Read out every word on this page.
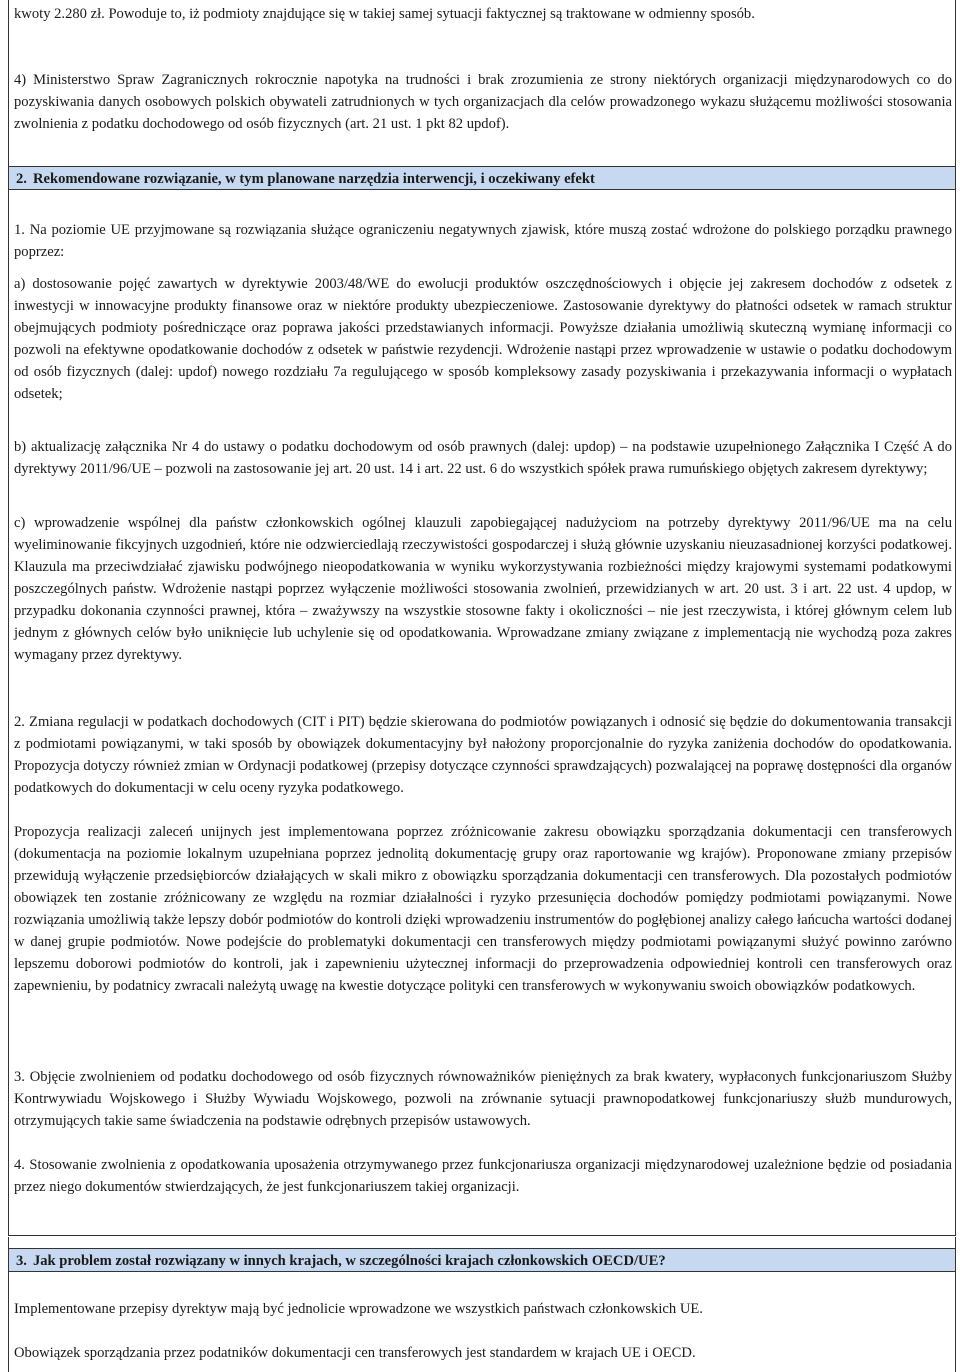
kwoty 2.280 zł. Powoduje to, iż podmioty znajdujące się w takiej samej sytuacji faktycznej są traktowane w odmienny sposób.

4) Ministerstwo Spraw Zagranicznych rokrocznie napotyka na trudności i brak zrozumienia ze strony niektórych organizacji międzynarodowych co do pozyskiwania danych osobowych polskich obywateli zatrudnionych w tych organizacjach dla celów prowadzonego wykazu służącemu możliwości stosowania zwolnienia z podatku dochodowego od osób fizycznych (art. 21 ust. 1 pkt 82 updof).

2. Rekomendowane rozwiązanie, w tym planowane narzędzia interwencji, i oczekiwany efekt

1. Na poziomie UE przyjmowane są rozwiązania służące ograniczeniu negatywnych zjawisk, które muszą zostać wdrożone do polskiego porządku prawnego poprzez:

a) dostosowanie pojęć zawartych w dyrektywie 2003/48/WE do ewolucji produktów oszczędnościowych i objęcie jej zakresem dochodów z odsetek z inwestycji w innowacyjne produkty finansowe oraz w niektóre produkty ubezpieczeniowe. Zastosowanie dyrektywy do płatności odsetek w ramach struktur obejmujących podmioty pośredniczące oraz poprawa jakości przedstawianych informacji. Powyższe działania umożliwią skuteczną wymianę informacji co pozwoli na efektywne opodatkowanie dochodów z odsetek w państwie rezydencji. Wdrożenie nastąpi przez wprowadzenie w ustawie o podatku dochodowym od osób fizycznych (dalej: updof) nowego rozdziału 7a regulującego w sposób kompleksowy zasady pozyskiwania i przekazywania informacji o wypłatach odsetek;

b) aktualizację załącznika Nr 4 do ustawy o podatku dochodowym od osób prawnych (dalej: updop) – na podstawie uzupełnionego Załącznika I Część A do dyrektywy 2011/96/UE – pozwoli na zastosowanie jej art. 20 ust. 14 i art. 22 ust. 6 do wszystkich spółek prawa rumuńskiego objętych zakresem dyrektywy;

c) wprowadzenie wspólnej dla państw członkowskich ogólnej klauzuli zapobiegającej nadużyciom na potrzeby dyrektywy 2011/96/UE ma na celu wyeliminowanie fikcyjnych uzgodnień, które nie odzwierciedlają rzeczywistości gospodarczej i służą głównie uzyskaniu nieuzasadnionej korzyści podatkowej. Klauzula ma przeciwdziałać zjawisku podwójnego nieopodatkowania w wyniku wykorzystywania rozbieżności między krajowymi systemami podatkowymi poszczególnych państw. Wdrożenie nastąpi poprzez wyłączenie możliwości stosowania zwolnień, przewidzianych w art. 20 ust. 3 i art. 22 ust. 4 updop, w przypadku dokonania czynności prawnej, która – zważywszy na wszystkie stosowne fakty i okoliczności – nie jest rzeczywista, i której głównym celem lub jednym z głównych celów było uniknięcie lub uchylenie się od opodatkowania. Wprowadzane zmiany związane z implementacją nie wychodzą poza zakres wymagany przez dyrektywy.

2. Zmiana regulacji w podatkach dochodowych (CIT i PIT) będzie skierowana do podmiotów powiązanych i odnosić się będzie do dokumentowania transakcji z podmiotami powiązanymi, w taki sposób by obowiązek dokumentacyjny był nałożony proporcjonalnie do ryzyka zaniżenia dochodów do opodatkowania. Propozycja dotyczy również zmian w Ordynacji podatkowej (przepisy dotyczące czynności sprawdzających) pozwalającej na poprawę dostępności dla organów podatkowych do dokumentacji w celu oceny ryzyka podatkowego.

Propozycja realizacji zaleceń unijnych jest implementowana poprzez zróżnicowanie zakresu obowiązku sporządzania dokumentacji cen transferowych (dokumentacja na poziomie lokalnym uzupełniana poprzez jednolitą dokumentację grupy oraz raportowanie wg krajów). Proponowane zmiany przepisów przewidują wyłączenie przedsiębiorców działających w skali mikro z obowiązku sporządzania dokumentacji cen transferowych. Dla pozostałych podmiotów obowiązek ten zostanie zróżnicowany ze względu na rozmiar działalności i ryzyko przesunięcia dochodów pomiędzy podmiotami powiązanymi. Nowe rozwiązania umożliwią także lepszy dobór podmiotów do kontroli dzięki wprowadzeniu instrumentów do pogłębionej analizy całego łańcucha wartości dodanej w danej grupie podmiotów. Nowe podejście do problematyki dokumentacji cen transferowych między podmiotami powiązanymi służyć powinno zarówno lepszemu doborowi podmiotów do kontroli, jak i zapewnieniu użytecznej informacji do przeprowadzenia odpowiedniej kontroli cen transferowych oraz zapewnieniu, by podatnicy zwracali należytą uwagę na kwestie dotyczące polityki cen transferowych w wykonywaniu swoich obowiązków podatkowych.

3. Objęcie zwolnieniem od podatku dochodowego od osób fizycznych równoważników pieniężnych za brak kwatery, wypłaconych funkcjonariuszom Służby Kontrwywiadu Wojskowego i Służby Wywiadu Wojskowego, pozwoli na zrównanie sytuacji prawnopodatkowej funkcjonariuszy służb mundurowych, otrzymujących takie same świadczenia na podstawie odrębnych przepisów ustawowych.

4. Stosowanie zwolnienia z opodatkowania uposażenia otrzymywanego przez funkcjonariusza organizacji międzynarodowej uzależnione będzie od posiadania przez niego dokumentów stwierdzających, że jest funkcjonariuszem takiej organizacji.

3. Jak problem został rozwiązany w innych krajach, w szczególności krajach członkowskich OECD/UE?

Implementowane przepisy dyrektyw mają być jednolicie wprowadzone we wszystkich państwach członkowskich UE.

Obowiązek sporządzania przez podatników dokumentacji cen transferowych jest standardem w krajach UE i OECD.
